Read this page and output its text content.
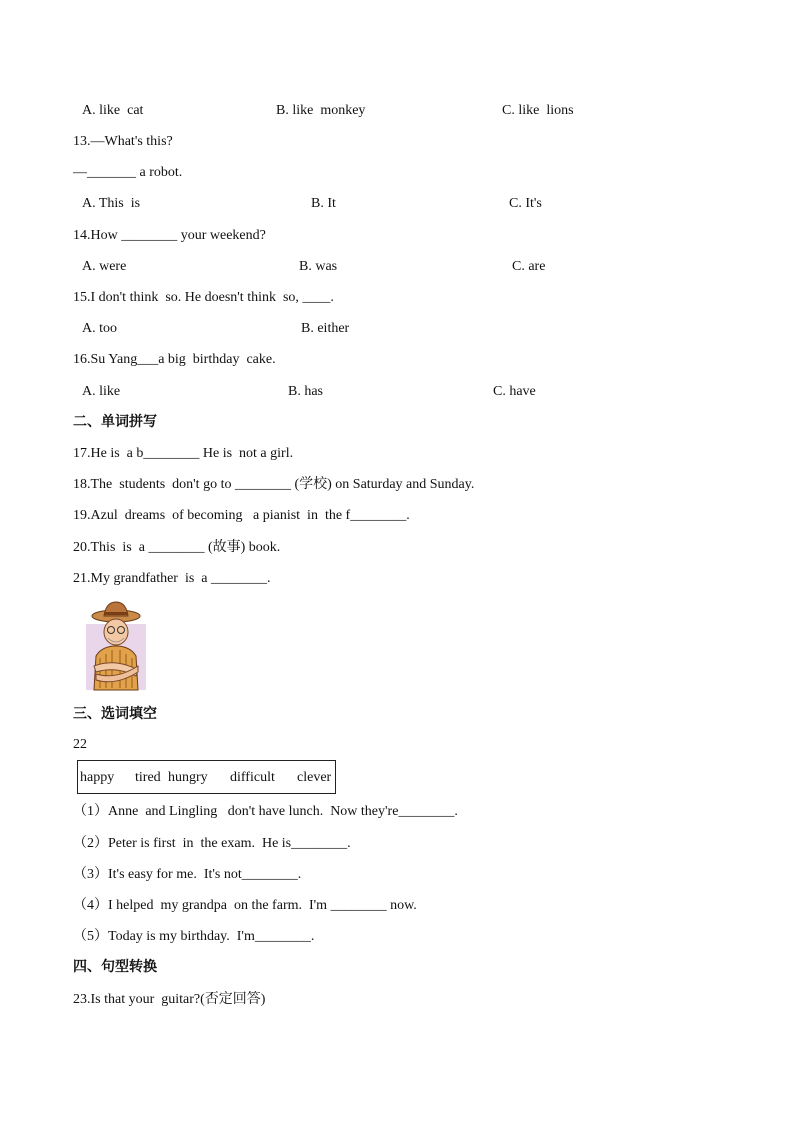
A. like  cat	B. like  monkey	C. like  lions
13.—What's this?
—_______ a robot.
A. This  is	B. It	C. It's
14.How ________ your weekend?
A. were	B. was	C. are
15.I don't think  so. He doesn't think  so, ____.
A. too	B. either
16.Su Yang___a big  birthday  cake.
A. like	B. has	C. have
二、单词拼写
17.He is  a b________ He is  not a girl.
18.The  students  don't go to ________ (学校) on Saturday and Sunday.
19.Azul  dreams  of becoming   a pianist  in  the f________.
20.This  is  a ________ (故事) book.
21.My grandfather  is  a ________.
三、选词填空
22
happy tired hungry difficult clever
（1）Anne  and Lingling   don't have lunch.  Now they're________.
（2）Peter is first  in  the exam.  He is________.
（3）It's easy for me.  It's not________.
（4）I helped  my grandpa  on the farm.  I'm ________ now.
（5）Today is my birthday.  I'm________.
四、句型转换
23.Is that your  guitar?(否定回答)
